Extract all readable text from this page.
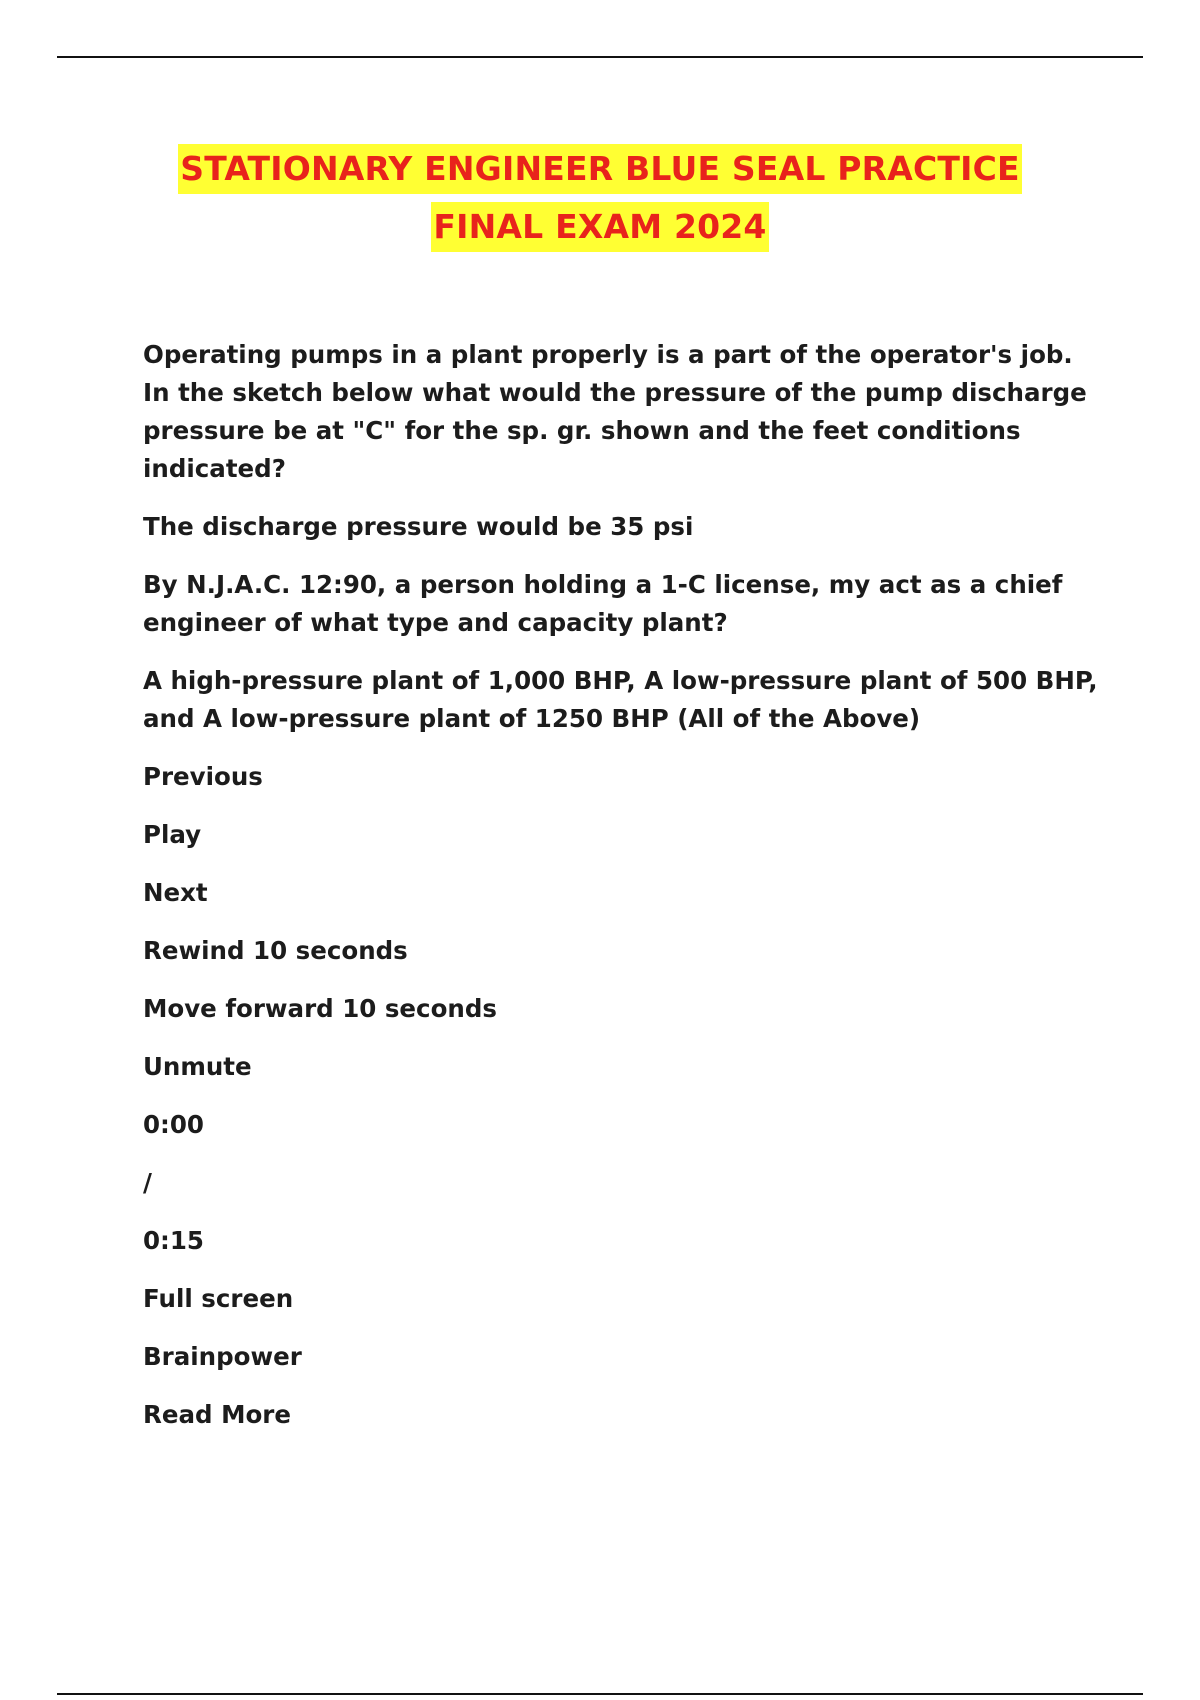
STATIONARY ENGINEER BLUE SEAL PRACTICE
FINAL EXAM 2024

Operating pumps in a plant properly is a part of the operator's job. In the sketch below what would the pressure of the pump discharge pressure be at "C" for the sp. gr. shown and the feet conditions indicated?

The discharge pressure would be 35 psi

By N.J.A.C. 12:90, a person holding a 1-C license, my act as a chief engineer of what type and capacity plant?

A high-pressure plant of 1,000 BHP, A low-pressure plant of 500 BHP, and A low-pressure plant of 1250 BHP (All of the Above)

Previous
Play
Next
Rewind 10 seconds
Move forward 10 seconds
Unmute
0:00
/
0:15
Full screen
Brainpower
Read More
